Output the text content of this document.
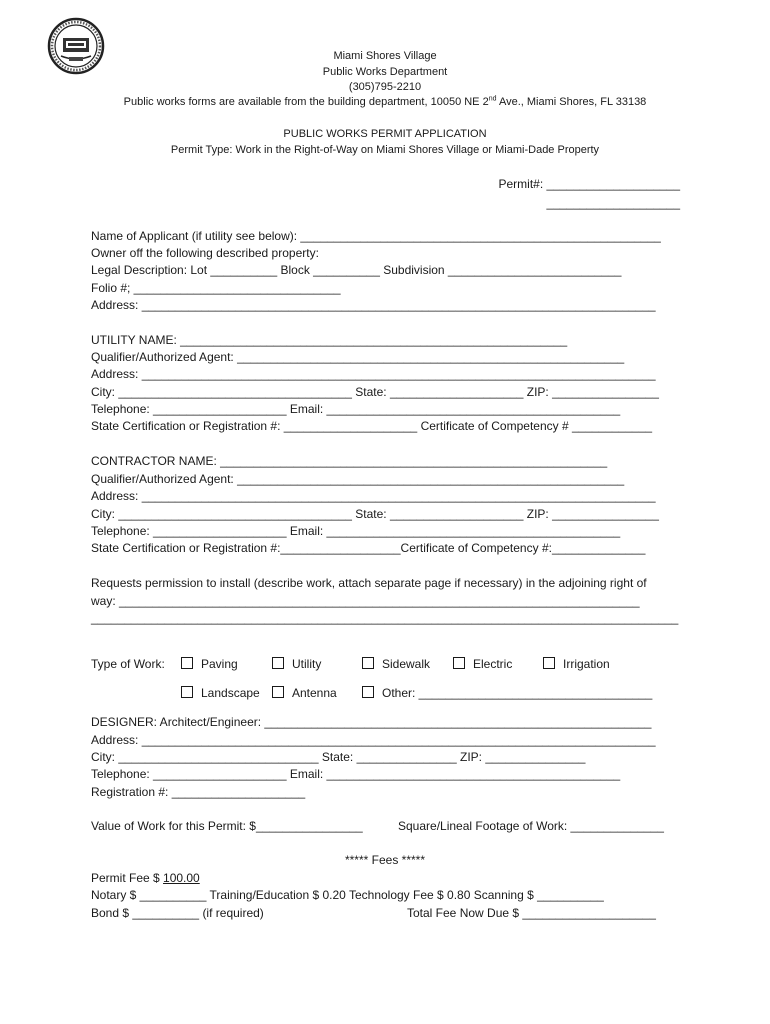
Miami Shores Village
Public Works Department
(305)795-2210
Public works forms are available from the building department, 10050 NE 2nd Ave., Miami Shores, FL 33138
PUBLIC WORKS PERMIT APPLICATION
Permit Type: Work in the Right-of-Way on Miami Shores Village or Miami-Dade Property
Permit#: ____________________
____________________
Name of Applicant (if utility see below): ______________________________________________________
Owner off the following described property:
Legal Description: Lot __________ Block __________ Subdivision __________________________
Folio #; _______________________________
Address: _____________________________________________________________________________
UTILITY NAME: __________________________________________________________
Qualifier/Authorized Agent: __________________________________________________________
Address: _____________________________________________________________________________
City: ___________________________________ State: ____________________ ZIP: ________________
Telephone: ____________________ Email: ____________________________________________
State Certification or Registration #: ____________________ Certificate of Competency # ____________
CONTRACTOR NAME: __________________________________________________________
Qualifier/Authorized Agent: __________________________________________________________
Address: _____________________________________________________________________________
City: ___________________________________ State: ____________________ ZIP: ________________
Telephone: ____________________ Email: ____________________________________________
State Certification or Registration #:__________________Certificate of Competency #:______________
Requests permission to install (describe work, attach separate page if necessary) in the adjoining right of
way: ______________________________________________________________________________
________________________________________________________________________________________
Type of Work:	Paving	Utility	Sidewalk	Electric	Irrigation
Landscape	Antenna	Other: ___________________________________
DESIGNER: Architect/Engineer: __________________________________________________________
Address: _____________________________________________________________________________
City: ______________________________ State: _______________ ZIP: _______________
Telephone: ____________________ Email: ____________________________________________
Registration #: ____________________
Value of Work for this Permit: $________________	Square/Lineal Footage of Work: ______________
***** Fees *****
Permit Fee $ 100.00
Notary $ __________ Training/Education $ 0.20 Technology Fee $ 0.80 Scanning $ __________
Bond $ __________ (if required)	Total Fee Now Due $ ____________________
